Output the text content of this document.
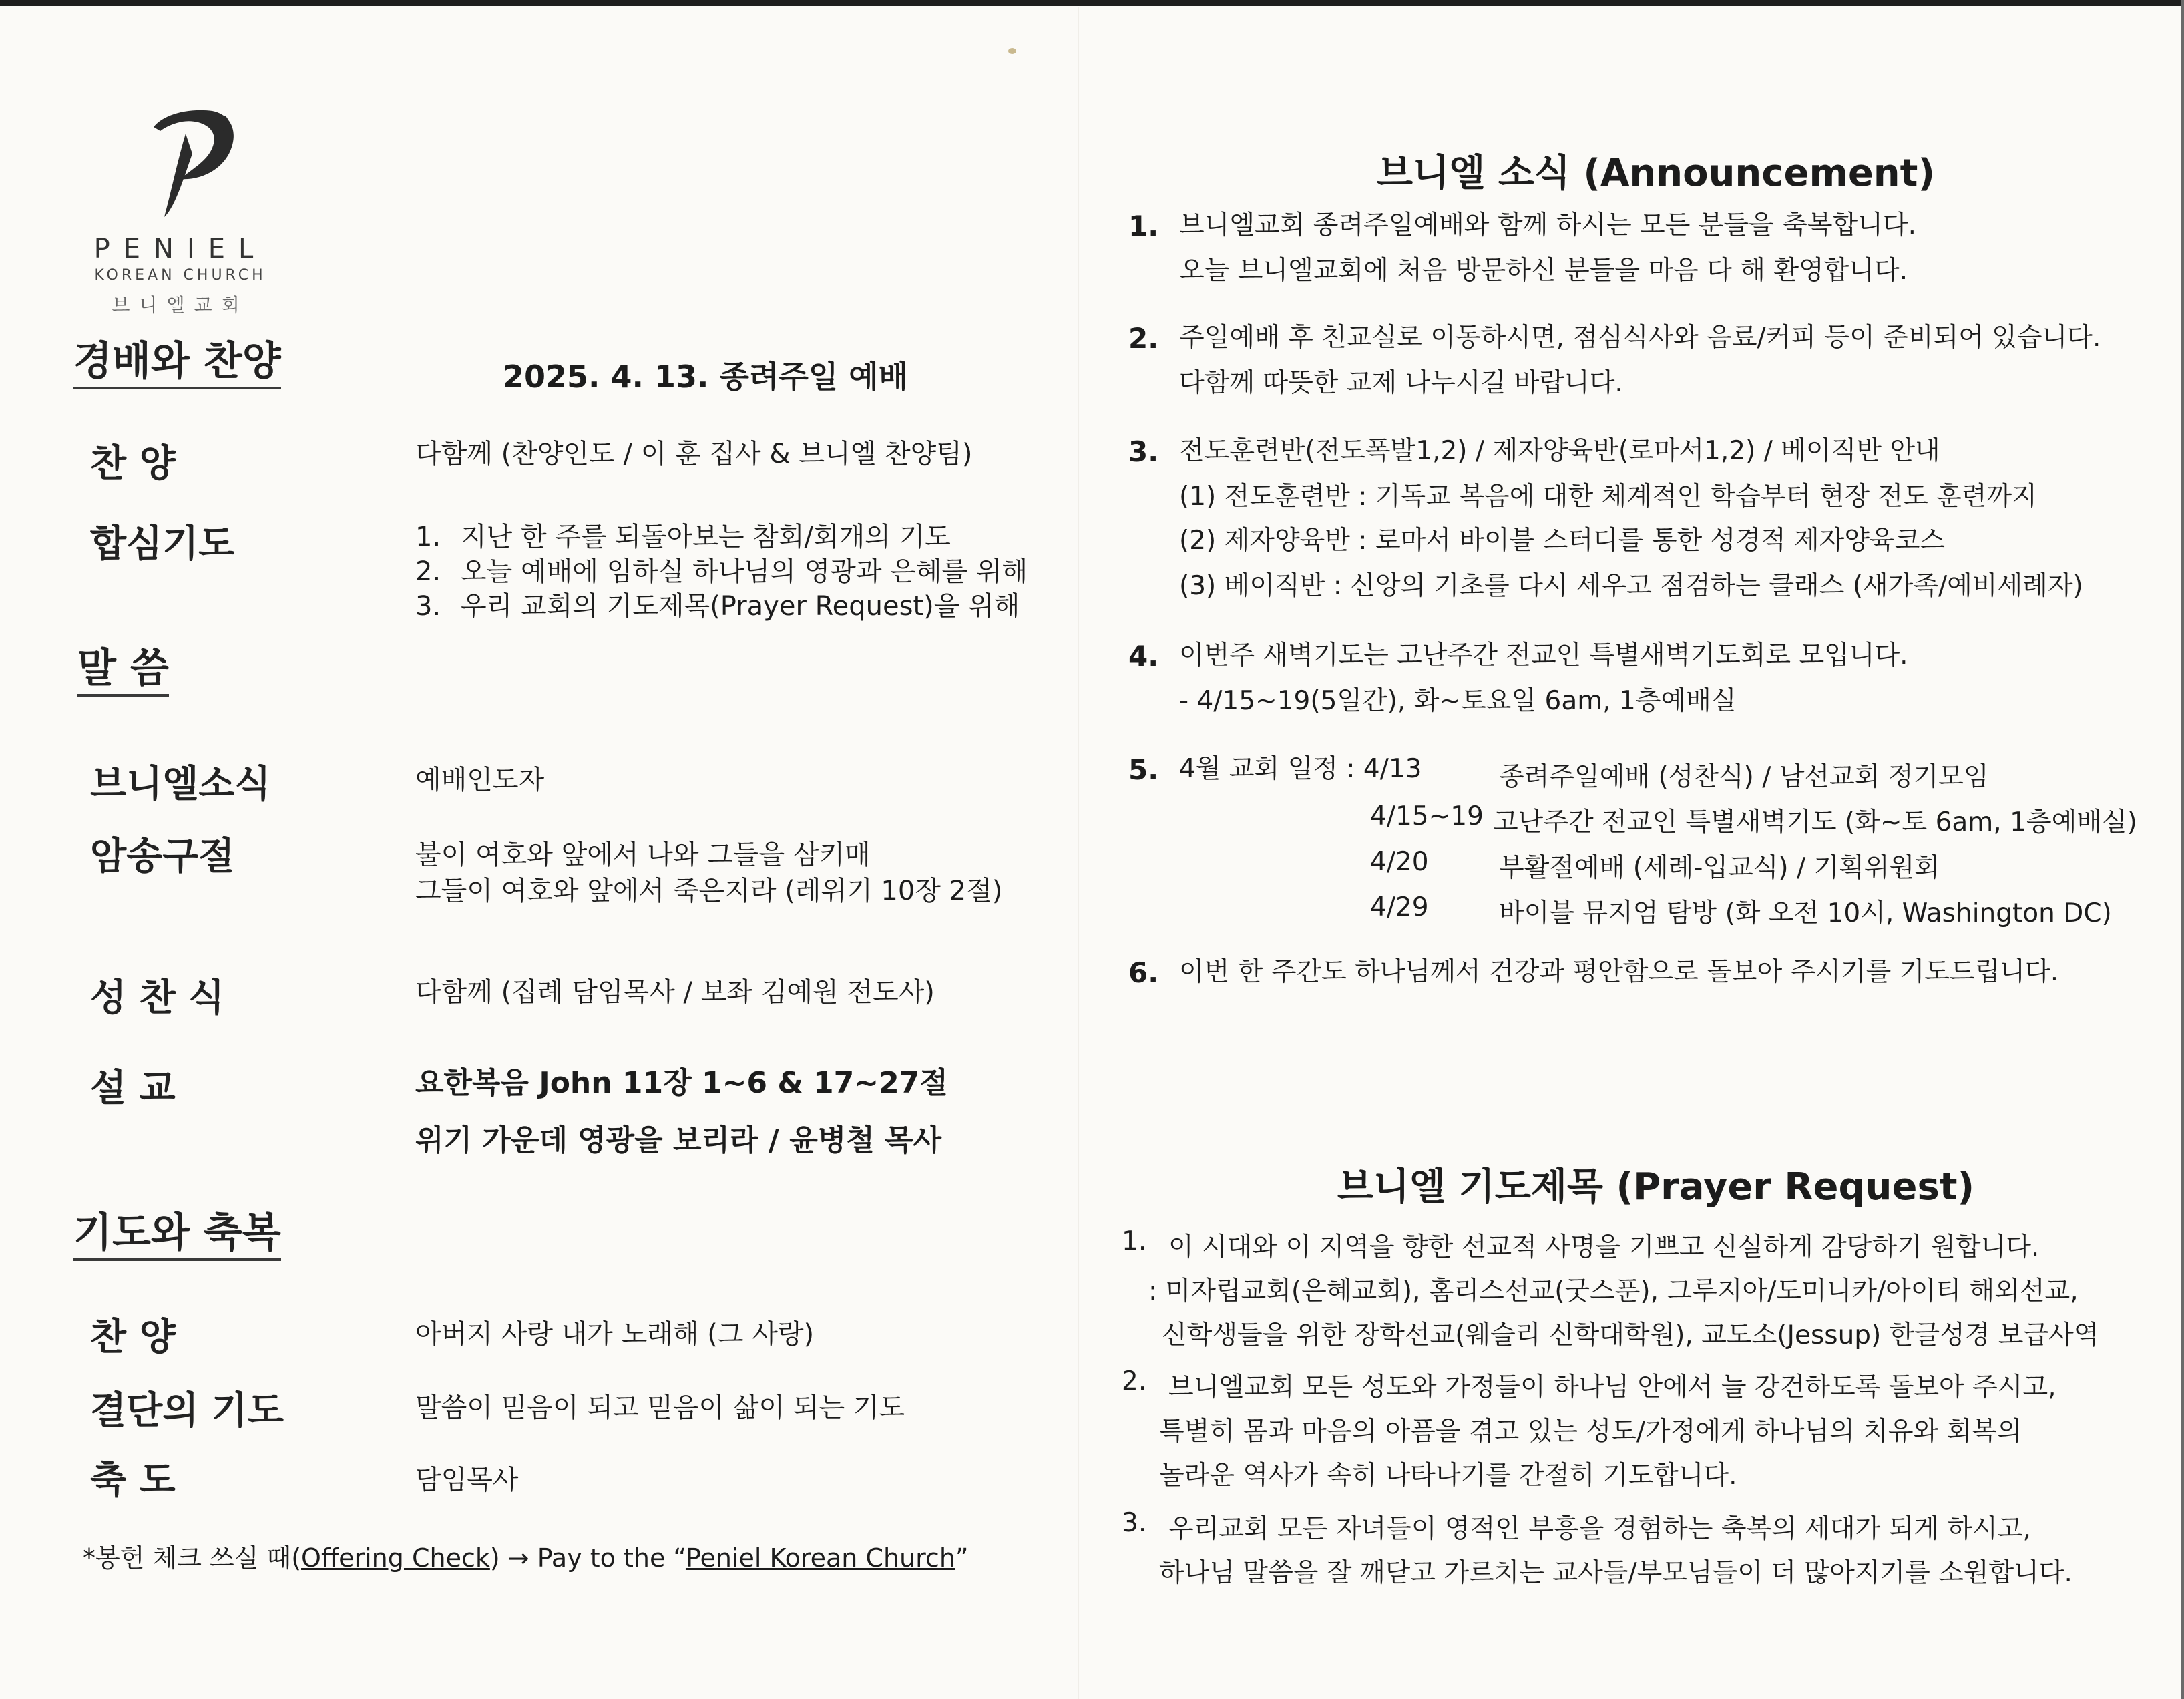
PENIEL
KOREAN CHURCH
브니엘교회
경배와 찬양	2025. 4. 13. 종려주일 예배
찬 양	다함께 (찬양인도 / 이 훈 집사 & 브니엘 찬양팀)
합심기도	1. 지난 한 주를 되돌아보는 참회/회개의 기도
2. 오늘 예배에 임하실 하나님의 영광과 은혜를 위해
3. 우리 교회의 기도제목(Prayer Request)을 위해
말 씀
브니엘소식	예배인도자
암송구절	불이 여호와 앞에서 나와 그들을 삼키매
그들이 여호와 앞에서 죽은지라 (레위기 10장 2절)
성 찬 식	다함께 (집례 담임목사 / 보좌 김예원 전도사)
설 교	요한복음 John 11장 1~6 & 17~27절
위기 가운데 영광을 보리라 / 윤병철 목사
기도와 축복
찬 양	아버지 사랑 내가 노래해 (그 사랑)
결단의 기도	말씀이 믿음이 되고 믿음이 삶이 되는 기도
축 도	담임목사
*봉헌 체크 쓰실 때(Offering Check) → Pay to the “Peniel Korean Church”
브니엘 소식 (Announcement)
1. 브니엘교회 종려주일예배와 함께 하시는 모든 분들을 축복합니다.
오늘 브니엘교회에 처음 방문하신 분들을 마음 다 해 환영합니다.
2. 주일예배 후 친교실로 이동하시면, 점심식사와 음료/커피 등이 준비되어 있습니다.
다함께 따뜻한 교제 나누시길 바랍니다.
3. 전도훈련반(전도폭발1,2) / 제자양육반(로마서1,2) / 베이직반 안내
(1) 전도훈련반 : 기독교 복음에 대한 체계적인 학습부터 현장 전도 훈련까지
(2) 제자양육반 : 로마서 바이블 스터디를 통한 성경적 제자양육코스
(3) 베이직반 : 신앙의 기초를 다시 세우고 점검하는 클래스 (새가족/예비세례자)
4. 이번주 새벽기도는 고난주간 전교인 특별새벽기도회로 모입니다.
- 4/15~19(5일간), 화~토요일 6am, 1층예배실
5. 4월 교회 일정 : 4/13	종려주일예배 (성찬식) / 남선교회 정기모임
4/15~19 고난주간 전교인 특별새벽기도 (화~토 6am, 1층예배실)
4/20	부활절예배 (세례-입교식) / 기획위원회
4/29	바이블 뮤지엄 탐방 (화 오전 10시, Washington DC)
6. 이번 한 주간도 하나님께서 건강과 평안함으로 돌보아 주시기를 기도드립니다.
브니엘 기도제목 (Prayer Request)
1. 이 시대와 이 지역을 향한 선교적 사명을 기쁘고 신실하게 감당하기 원합니다.
: 미자립교회(은혜교회), 홈리스선교(굿스푼), 그루지아/도미니카/아이티 해외선교,
신학생들을 위한 장학선교(웨슬리 신학대학원), 교도소(Jessup) 한글성경 보급사역
2. 브니엘교회 모든 성도와 가정들이 하나님 안에서 늘 강건하도록 돌보아 주시고,
특별히 몸과 마음의 아픔을 겪고 있는 성도/가정에게 하나님의 치유와 회복의
놀라운 역사가 속히 나타나기를 간절히 기도합니다.
3. 우리교회 모든 자녀들이 영적인 부흥을 경험하는 축복의 세대가 되게 하시고,
하나님 말씀을 잘 깨닫고 가르치는 교사들/부모님들이 더 많아지기를 소원합니다.
